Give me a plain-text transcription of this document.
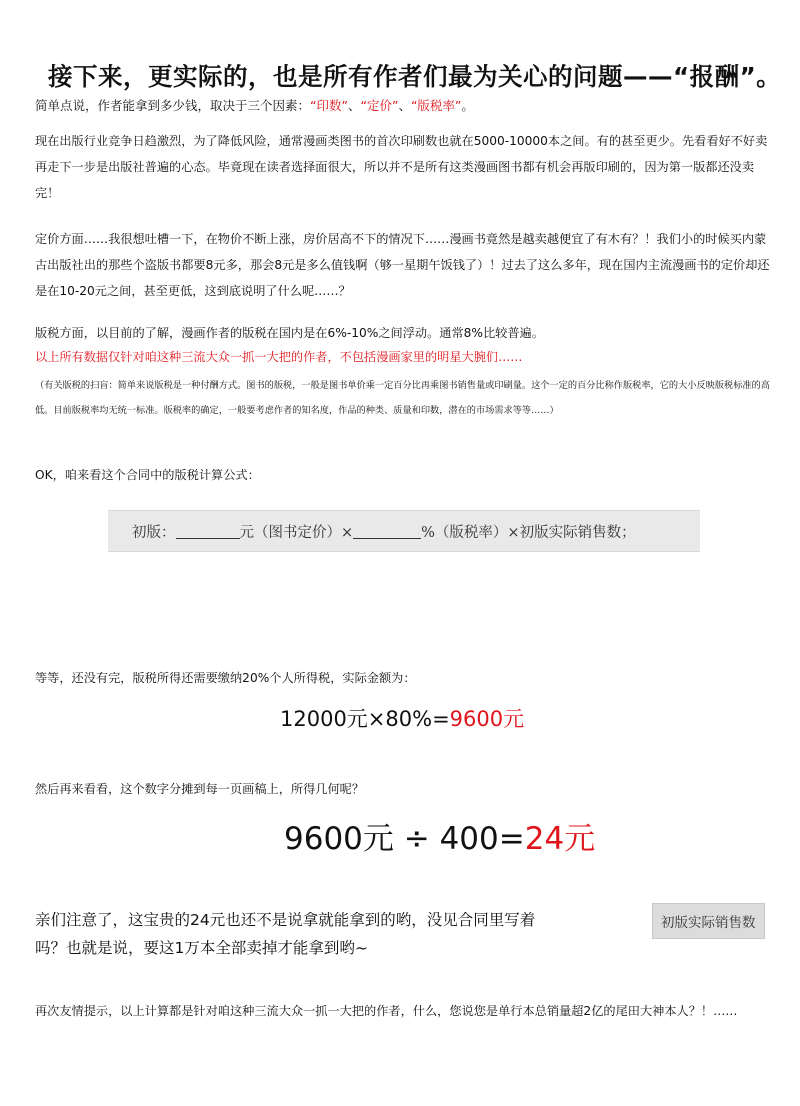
接下来，更实际的，也是所有作者们最为关心的问题——“报酬”。
简单点说，作者能拿到多少钱，取决于三个因素：“印数”、“定价”、“版税率”。
现在出版行业竞争日趋激烈，为了降低风险，通常漫画类图书的首次印刷数也就在5000-10000本之间。有的甚至更少。先看看好不好卖再走下一步是出版社普遍的心态。毕竟现在读者选择面很大，所以并不是所有这类漫画图书都有机会再版印刷的，因为第一版都还没卖完！
定价方面……我很想吐槽一下，在物价不断上涨，房价居高不下的情况下……漫画书竟然是越卖越便宜了有木有？！我们小的时候买内蒙古出版社出的那些个盗版书都要8元多，那会8元是多么值钱啊（够一星期午饭钱了）！过去了这么多年，现在国内主流漫画书的定价却还是在10-20元之间，甚至更低，这到底说明了什么呢……？
版税方面，以目前的了解，漫画作者的版税在国内是在6%-10%之间浮动。通常8%比较普遍。
以上所有数据仅针对咱这种三流大众一抓一大把的作者，不包括漫画家里的明星大腕们……
（有关版税的扫盲：简单来说版税是一种付酬方式。图书的版税，一般是图书单价乘一定百分比再乘图书销售量或印刷量。这个一定的百分比称作版税率，它的大小反映版税标准的高低。目前版税率均无统一标准。版税率的确定，一般要考虑作者的知名度，作品的种类、质量和印数，潜在的市场需求等等……）
OK，咱来看这个合同中的版税计算公式：
初版：	元（图书定价）×	%（版税率）×初版实际销售数；
等等，还没有完，版税所得还需要缴纳20%个人所得税，实际金额为：
12000元×80%=9600元
然后再来看看，这个数字分摊到每一页画稿上，所得几何呢？
9600元 ÷ 400=24元
亲们注意了，这宝贵的24元也还不是说拿就能拿到的哟，没见合同里写着	初版实际销售数
吗？也就是说，要这1万本全部卖掉才能拿到哟~
再次友情提示，以上计算都是针对咱这种三流大众一抓一大把的作者，什么，您说您是单行本总销量超2亿的尾田大神本人？！……
